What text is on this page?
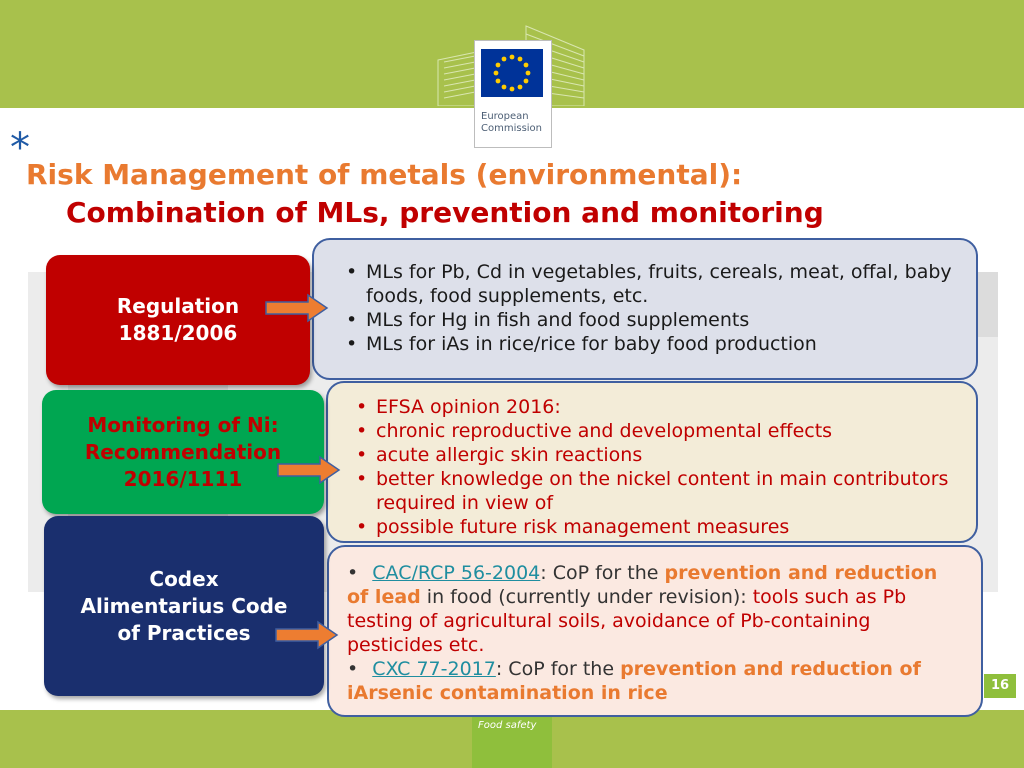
European
Commission
*
Risk Management of metals (environmental):
Combination of MLs, prevention and monitoring
• MLs for Pb, Cd in vegetables, fruits, cereals, meat, offal, baby foods, food supplements, etc.
• MLs for Hg in fish and food supplements
• MLs for iAs in rice/rice for baby food production
Regulation
1881/2006
• EFSA opinion 2016:
• chronic reproductive and developmental effects
• acute allergic skin reactions
• better knowledge on the nickel content in main contributors required in view of
• possible future risk management measures
Monitoring of Ni:
Recommendation
2016/1111
• CAC/RCP 56-2004: CoP for the prevention and reduction of lead in food (currently under revision): tools such as Pb testing of agricultural soils, avoidance of Pb-containing pesticides etc.
• CXC 77-2017: CoP for the prevention and reduction of iArsenic contamination in rice
Codex
Alimentarius Code
of Practices
16
Food safety
